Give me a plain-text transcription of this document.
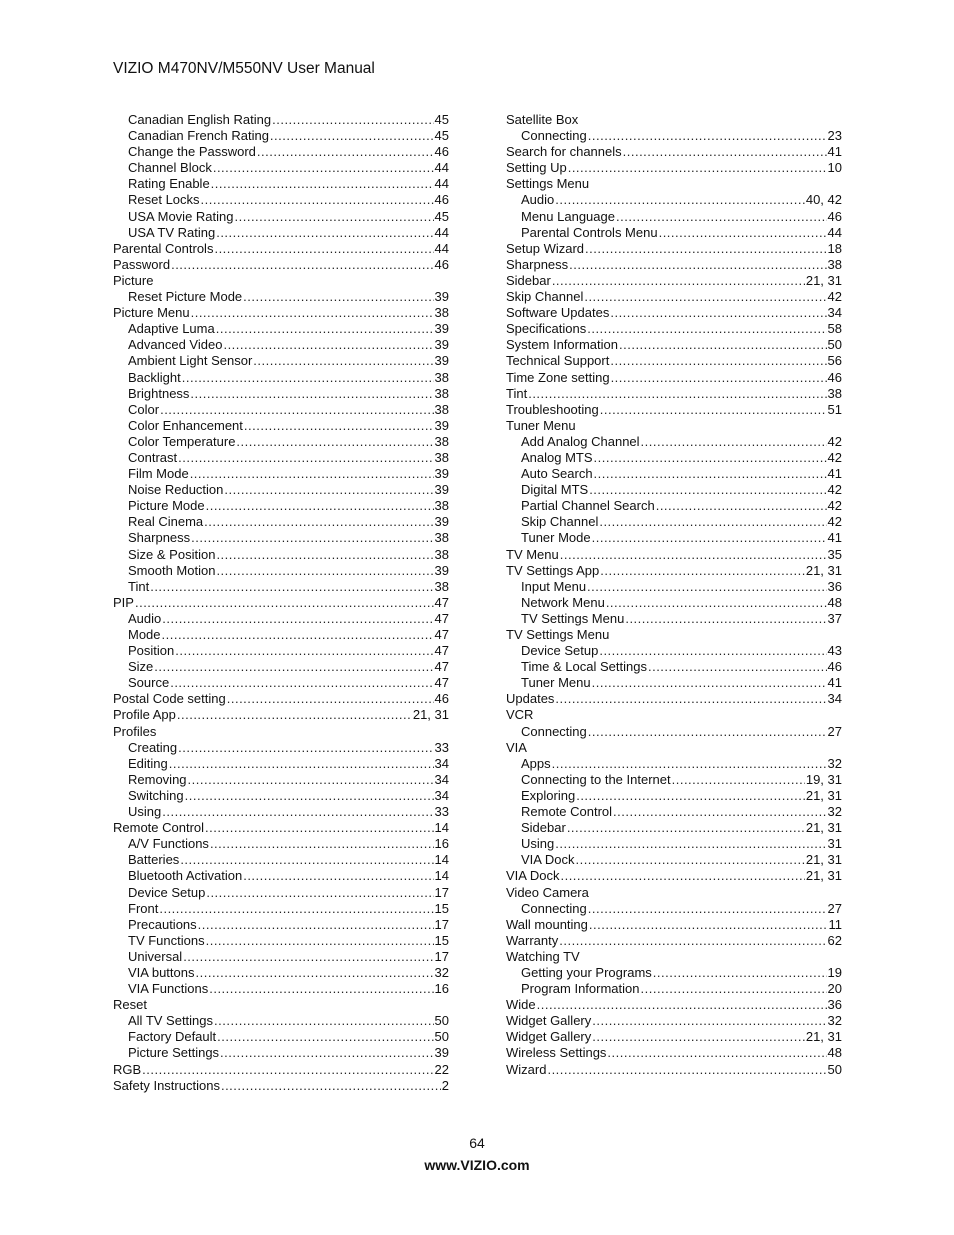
VIZIO M470NV/M550NV User Manual
Canadian English Rating .....	45
Canadian French Rating .....	45
Change the Password .....	46
Channel Block .....	44
Rating Enable .....	44
Reset Locks .....	46
USA Movie Rating .....	45
USA TV Rating .....	44
Parental Controls .....	44
Password .....	46
Picture
Reset Picture Mode .....	39
Picture Menu .....	38
Adaptive Luma .....	39
Advanced Video .....	39
Ambient Light Sensor .....	39
Backlight .....	38
Brightness .....	38
Color .....	38
Color Enhancement .....	39
Color Temperature .....	38
Contrast .....	38
Film Mode .....	39
Noise Reduction .....	39
Picture Mode .....	38
Real Cinema .....	39
Sharpness .....	38
Size & Position .....	38
Smooth Motion .....	39
Tint .....	38
PIP .....	47
Audio .....	47
Mode .....	47
Position .....	47
Size .....	47
Source .....	47
Postal Code setting .....	46
Profile App .....	21, 31
Profiles
Creating .....	33
Editing .....	34
Removing .....	34
Switching .....	34
Using .....	33
Remote Control .....	14
A/V Functions .....	16
Batteries .....	14
Bluetooth Activation .....	14
Device Setup .....	17
Front .....	15
Precautions .....	17
TV Functions .....	15
Universal .....	17
VIA buttons .....	32
VIA Functions .....	16
Reset
All TV Settings .....	50
Factory Default .....	50
Picture Settings .....	39
RGB .....	22
Safety Instructions .....	2
Satellite Box
Connecting .....	23
Search for channels .....	41
Setting Up .....	10
Settings Menu
Audio .....	40, 42
Menu Language .....	46
Parental Controls Menu .....	44
Setup Wizard .....	18
Sharpness .....	38
Sidebar .....	21, 31
Skip Channel .....	42
Software Updates .....	34
Specifications .....	58
System Information .....	50
Technical Support .....	56
Time Zone setting .....	46
Tint .....	38
Troubleshooting .....	51
Tuner Menu
Add Analog Channel .....	42
Analog MTS .....	42
Auto Search .....	41
Digital MTS .....	42
Partial Channel Search .....	42
Skip Channel .....	42
Tuner Mode .....	41
TV Menu .....	35
TV Settings App .....	21, 31
Input Menu .....	36
Network Menu .....	48
TV Settings Menu .....	37
TV Settings Menu
Device Setup .....	43
Time & Local Settings .....	46
Tuner Menu .....	41
Updates .....	34
VCR
Connecting .....	27
VIA
Apps .....	32
Connecting to the Internet .....	19, 31
Exploring .....	21, 31
Remote Control .....	32
Sidebar .....	21, 31
Using .....	31
VIA Dock .....	21, 31
VIA Dock .....	21, 31
Video Camera
Connecting .....	27
Wall mounting .....	11
Warranty .....	62
Watching TV
Getting your Programs .....	19
Program Information .....	20
Wide .....	36
Widget Gallery .....	32
Widget Gallery .....	21, 31
Wireless Settings .....	48
Wizard .....	50
64
www.VIZIO.com
